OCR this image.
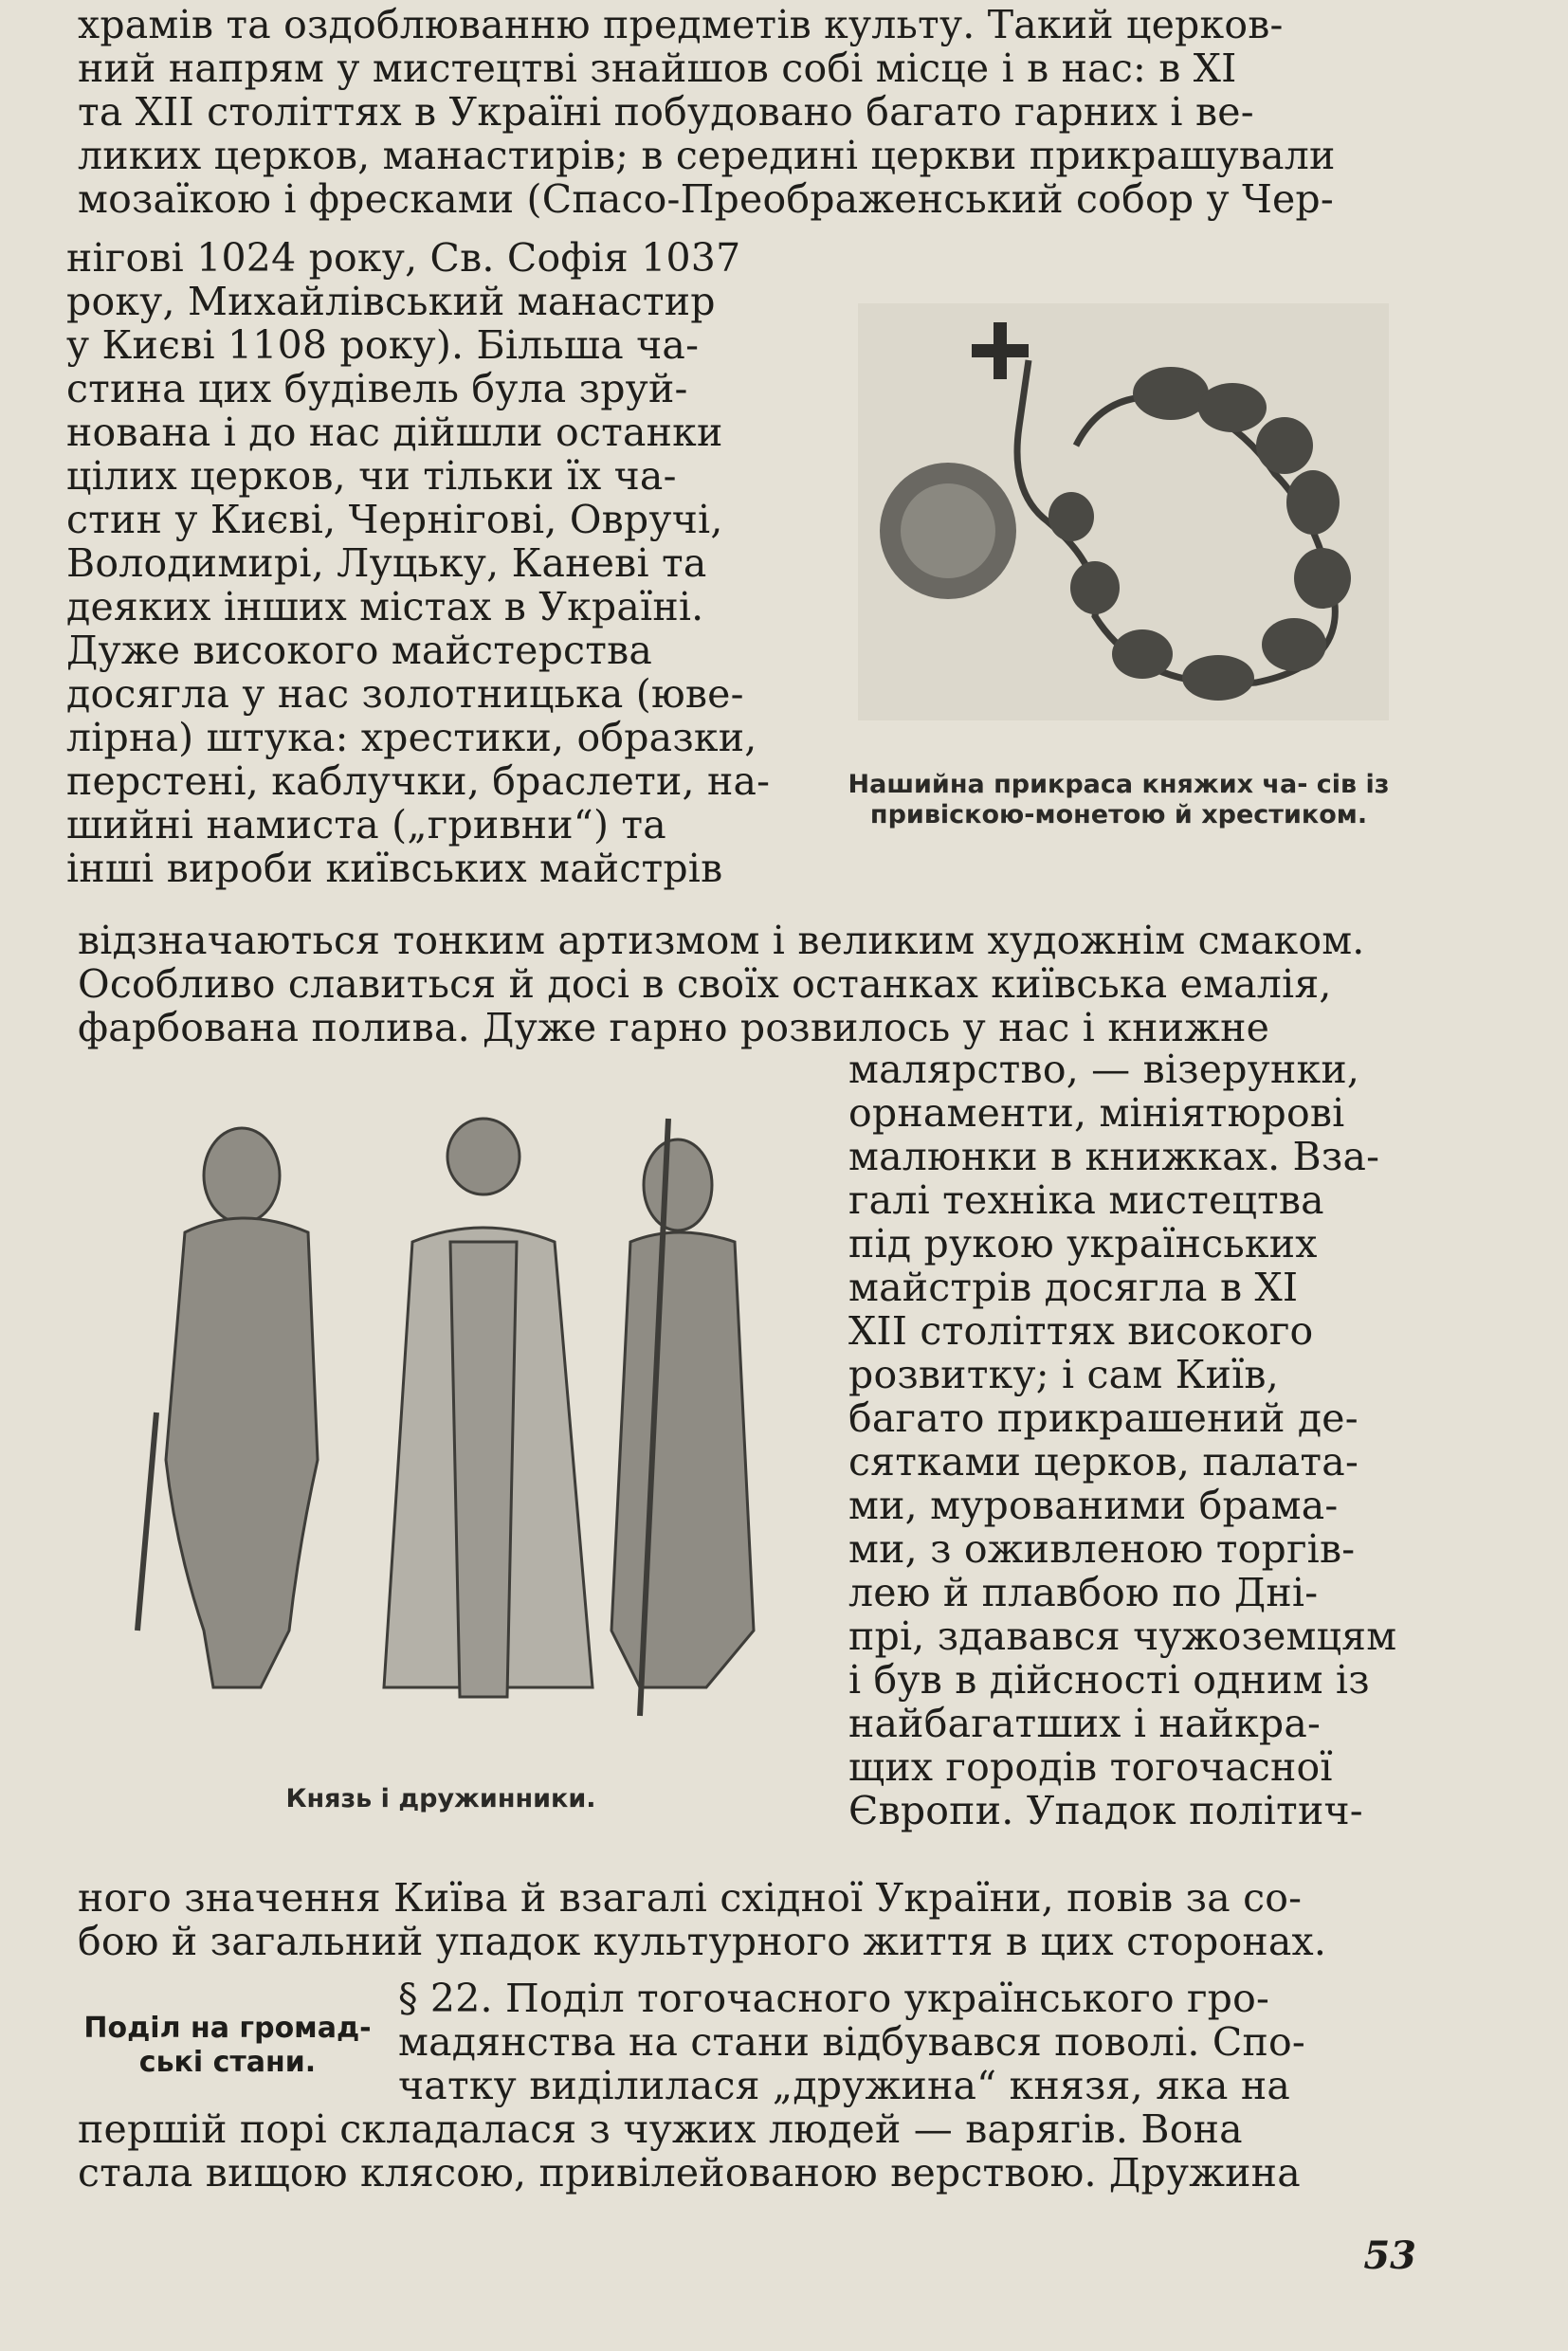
храмів та оздоблюванню предметів культу. Такий церков-
ний напрям у мистецтві знайшов собі місце і в нас: в XI
та XII століттях в Україні побудовано багато гарних і ве-
ликих церков, манастирів; в середині церкви прикрашували
мозаїкою і фресками (Спасо-Преображенський собор у Чер-
нігові 1024 року, Св. Софія 1037
року, Михайлівський манастир
у Києві 1108 року). Більша ча-
стина цих будівель була зруй-
нована і до нас дійшли останки
цілих церков, чи тільки їх ча-
стин у Києві, Чернігові, Овручі,
Володимирі, Луцьку, Каневі та
деяких інших містах в Україні.
Дуже високого майстерства
досягла у нас золотницька (юве-
лірна) штука: хрестики, образки,
перстені, каблучки, браслети, на-
шийні намиста („гривни“) та
інші вироби київських майстрів
Нашийна прикраса княжих ча- сів із привіскою-монетою й хрестиком.
відзначаються тонким артизмом і великим художнім смаком.
Особливо славиться й досі в своїх останках київська емалія,
фарбована полива. Дуже гарно розвилось у нас і книжне
Князь і дружинники.
малярство, — візерунки,
орнаменти, мініятюрові
малюнки в книжках. Вза-
галі техніка мистецтва
під рукою українських
майстрів досягла в XI
XII століттях високого
розвитку; і сам Київ,
багато прикрашений де-
сятками церков, палата-
ми, мурованими брама-
ми, з оживленою торгів-
лею й плавбою по Дні-
прі, здавався чужоземцям
і був в дійсності одним із
найбагатших і найкра-
щих городів тогочасної
Європи. Упадок політич-
ного значення Київа й взагалі східної України, повів за со-
бою й загальний упадок культурного життя в цих сторонах.
Поділ на громад-ські стани.
§ 22. Поділ тогочасного українського гро-
мадянства на стани відбувався поволі. Спо-
чатку виділилася „дружина“ князя, яка на
першій порі складалася з чужих людей — варягів. Вона
стала вищою клясою, привілейованою верствою. Дружина
53
